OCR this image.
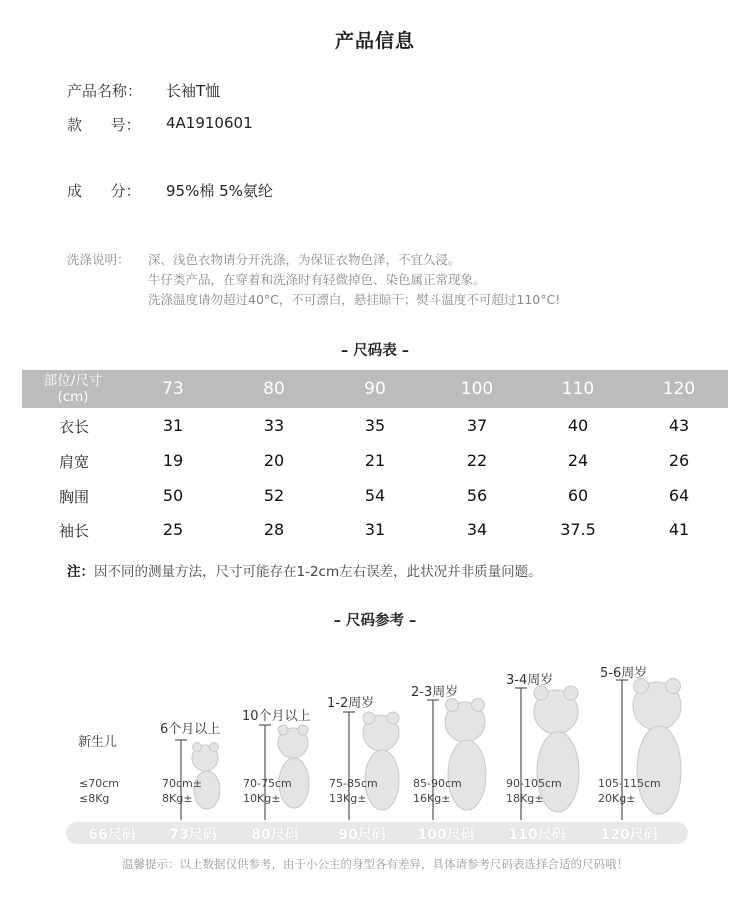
产品信息
产品名称： 长袖T恤
款      号： 4A1910601
成      分： 95%棉 5%氨纶
洗涤说明： 深、浅色衣物请分开洗涤，为保证衣物色泽，不宜久浸。
牛仔类产品，在穿着和洗涤时有轻微掉色、染色属正常现象。
洗涤温度请勿超过40°C，不可漂白，悬挂晾干；熨斗温度不可超过110°C!
– 尺码表 –
部位/尺寸
(cm)	73	80	90	100	110	120
衣长	31	33	35	37	40	43
肩宽	19	20	21	22	24	26
胸围	50	52	54	56	60	64
袖长	25	28	31	34	37.5	41
注：因不同的测量方法，尺寸可能存在1-2cm左右误差，此状况并非质量问题。
– 尺码参考 –
新生儿
6个月以上
10个月以上
1-2周岁
2-3周岁
3-4周岁	5-6周岁
≤70cm
≤8Kg
70cm±
8Kg±
70-75cm
10Kg±
75-85cm
13Kg±
85-90cm
16Kg±
90-105cm
18Kg±
105-115cm
20Kg±
66尺码	73尺码	80尺码	90尺码	100尺码	110尺码	120尺码
温馨提示：以上数据仅供参考，由于小公主的身型各有差异，具体请参考尺码表选择合适的尺码哦！
